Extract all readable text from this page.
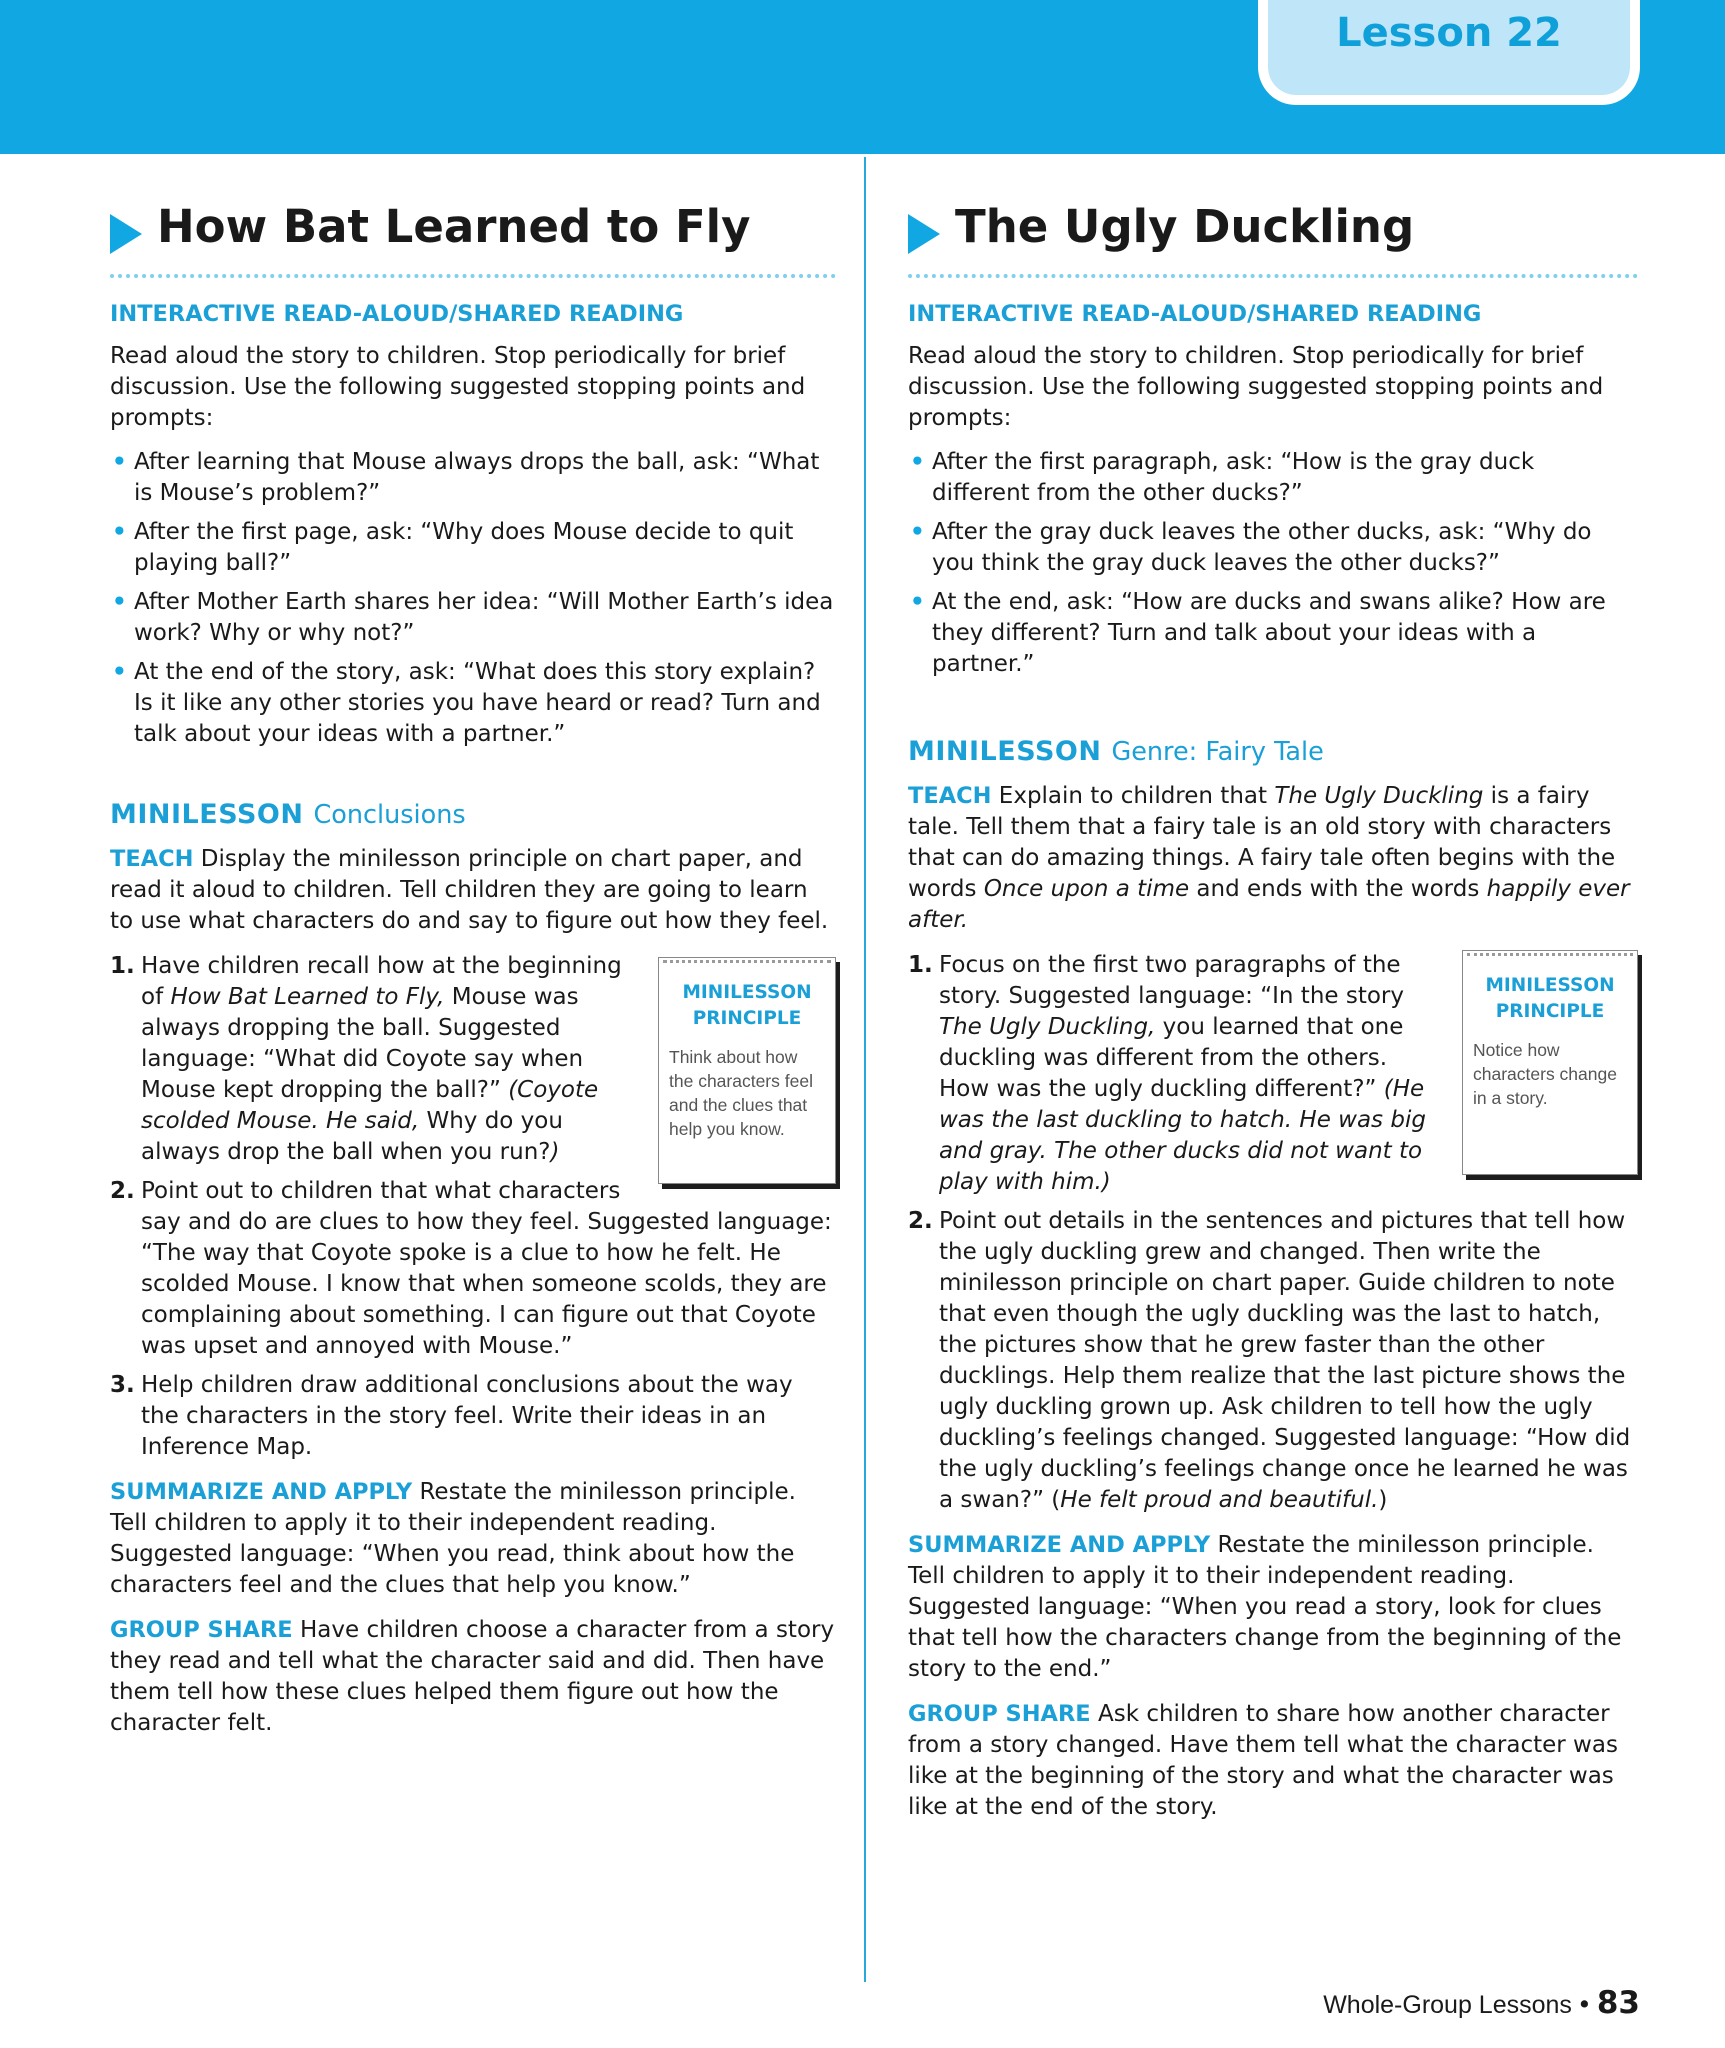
Lesson 22
How Bat Learned to Fly
INTERACTIVE READ-ALOUD/SHARED READING

Read aloud the story to children. Stop periodically for brief discussion. Use the following suggested stopping points and prompts:

• After learning that Mouse always drops the ball, ask: “What is Mouse’s problem?”
• After the first page, ask: “Why does Mouse decide to quit playing ball?”
• After Mother Earth shares her idea: “Will Mother Earth’s idea work? Why or why not?”
• At the end of the story, ask: “What does this story explain? Is it like any other stories you have heard or read? Turn and talk about your ideas with a partner.”
MINILESSON Conclusions

TEACH Display the minilesson principle on chart paper, and read it aloud to children. Tell children they are going to learn to use what characters do and say to figure out how they feel.

MINILESSON
PRINCIPLE
Think about how the characters feel and the clues that help you know.
1. Have children recall how at the beginning of How Bat Learned to Fly, Mouse was always dropping the ball. Suggested language: “What did Coyote say when Mouse kept dropping the ball?” (Coyote scolded Mouse. He said, Why do you always drop the ball when you run?)
2. Point out to children that what characters say and do are clues to how they feel. Suggested language: “The way that Coyote spoke is a clue to how he felt. He scolded Mouse. I know that when someone scolds, they are complaining about something. I can figure out that Coyote was upset and annoyed with Mouse.”
3. Help children draw additional conclusions about the way the characters in the story feel. Write their ideas in an Inference Map.

SUMMARIZE AND APPLY Restate the minilesson principle. Tell children to apply it to their independent reading. Suggested language: “When you read, think about how the characters feel and the clues that help you know.”

GROUP SHARE Have children choose a character from a story they read and tell what the character said and did. Then have them tell how these clues helped them figure out how the character felt.

The Ugly Duckling
INTERACTIVE READ-ALOUD/SHARED READING

Read aloud the story to children. Stop periodically for brief discussion. Use the following suggested stopping points and prompts:

• After the first paragraph, ask: “How is the gray duck different from the other ducks?”
• After the gray duck leaves the other ducks, ask: “Why do you think the gray duck leaves the other ducks?”
• At the end, ask: “How are ducks and swans alike? How are they different? Turn and talk about your ideas with a partner.”
MINILESSON Genre: Fairy Tale

TEACH Explain to children that The Ugly Duckling is a fairy tale. Tell them that a fairy tale is an old story with characters that can do amazing things. A fairy tale often begins with the words Once upon a time and ends with the words happily ever after.

MINILESSON
PRINCIPLE
Notice how characters change in a story.
1. Focus on the first two paragraphs of the story. Suggested language: “In the story The Ugly Duckling, you learned that one duckling was different from the others. How was the ugly duckling different?” (He was the last duckling to hatch. He was big and gray. The other ducks did not want to play with him.)
2. Point out details in the sentences and pictures that tell how the ugly duckling grew and changed. Then write the minilesson principle on chart paper. Guide children to note that even though the ugly duckling was the last to hatch, the pictures show that he grew faster than the other ducklings. Help them realize that the last picture shows the ugly duckling grown up. Ask children to tell how the ugly duckling’s feelings changed. Suggested language: “How did the ugly duckling’s feelings change once he learned he was a swan?” (He felt proud and beautiful.)

SUMMARIZE AND APPLY Restate the minilesson principle. Tell children to apply it to their independent reading. Suggested language: “When you read a story, look for clues that tell how the characters change from the beginning of the story to the end.”

GROUP SHARE Ask children to share how another character from a story changed. Have them tell what the character was like at the beginning of the story and what the character was like at the end of the story.

Whole-Group Lessons • 83
